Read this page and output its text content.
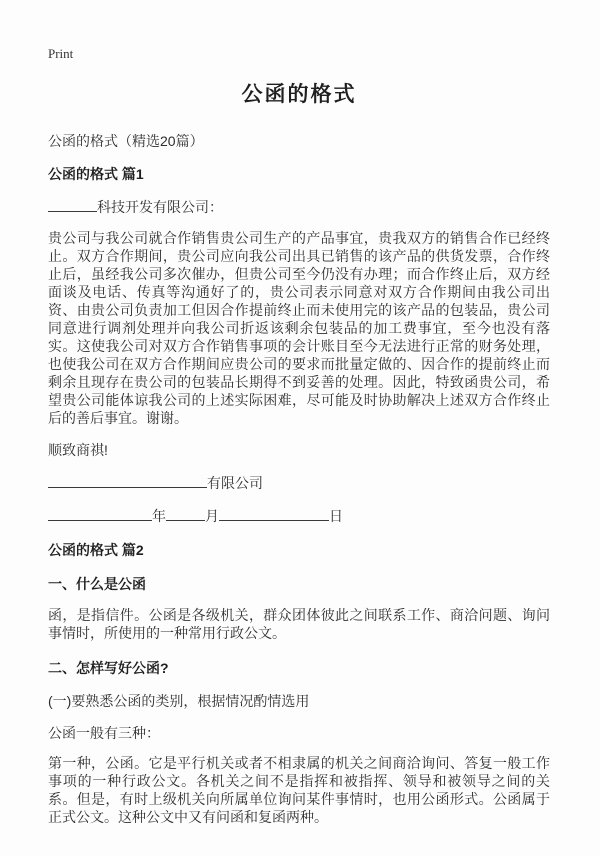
Print
公函的格式

公函的格式（精选20篇）

公函的格式 篇1

科技开发有限公司：

贵公司与我公司就合作销售贵公司生产的产品事宜，贵我双方的销售合作已经终止。双方合作期间，贵公司应向我公司出具已销售的该产品的供货发票，合作终止后，虽经我公司多次催办，但贵公司至今仍没有办理；而合作终止后，双方经面谈及电话、传真等沟通好了的，贵公司表示同意对双方合作期间由我公司出资、由贵公司负责加工但因合作提前终止而未使用完的该产品的包装品，贵公司同意进行调剂处理并向我公司折返该剩余包装品的加工费事宜，至今也没有落实。这使我公司对双方合作销售事项的会计账目至今无法进行正常的财务处理，也使我公司在双方合作期间应贵公司的要求而批量定做的、因合作的提前终止而剩余且现存在贵公司的包装品长期得不到妥善的处理。因此，特致函贵公司，希望贵公司能体谅我公司的上述实际困难，尽可能及时协助解决上述双方合作终止后的善后事宜。谢谢。

顺致商祺!

有限公司

年	月	日

公函的格式 篇2
一、什么是公函

函，是指信件。公函是各级机关，群众团体彼此之间联系工作、商洽问题、询问事情时，所使用的一种常用行政公文。

二、怎样写好公函?

(一)要熟悉公函的类别，根据情况酌情选用

公函一般有三种：

第一种，公函。它是平行机关或者不相隶属的机关之间商洽询问、答复一般工作事项的一种行政公文。各机关之间不是指挥和被指挥、领导和被领导之间的关系。但是，有时上级机关向所属单位询问某件事情时，也用公函形式。公函属于正式公文。这种公文中又有问函和复函两种。
